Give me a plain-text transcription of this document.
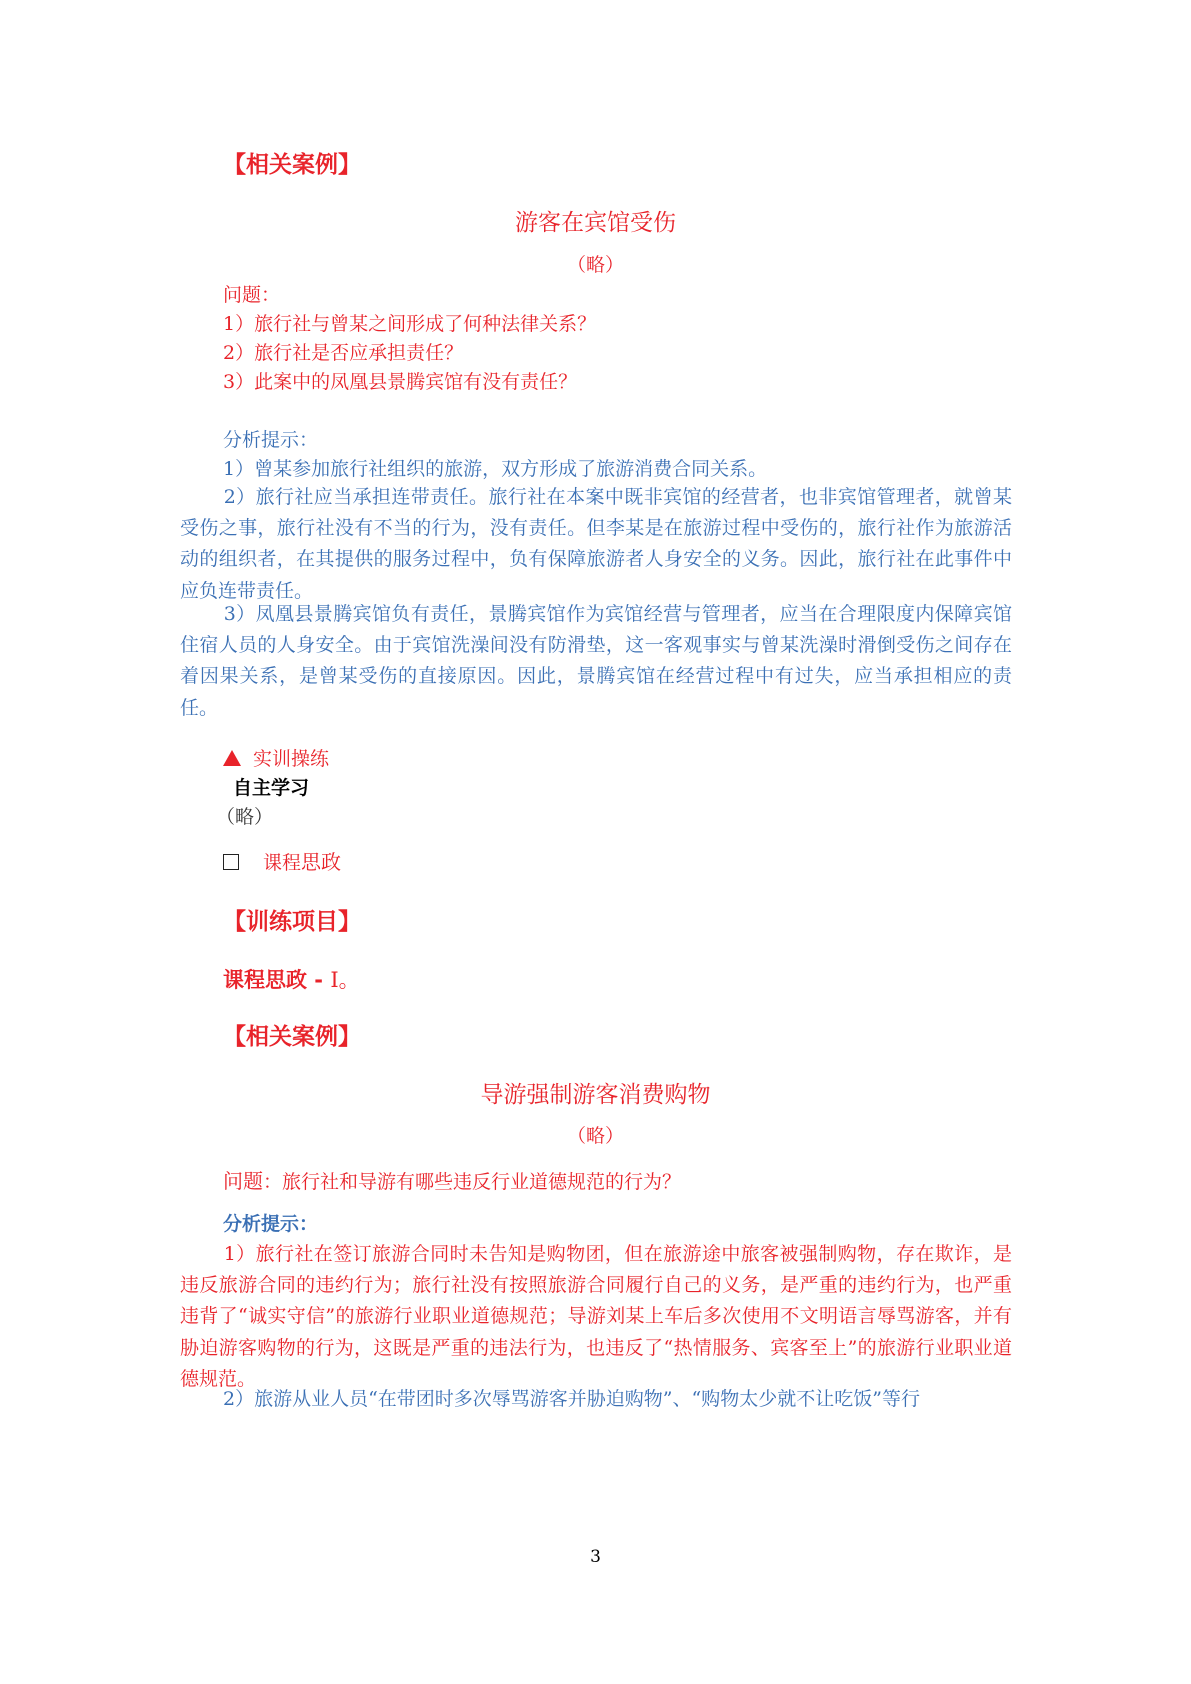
【相关案例】
游客在宾馆受伤
（略）
问题：
1）旅行社与曾某之间形成了何种法律关系？
2）旅行社是否应承担责任？
3）此案中的凤凰县景腾宾馆有没有责任？
分析提示：
1）曾某参加旅行社组织的旅游，双方形成了旅游消费合同关系。

2）旅行社应当承担连带责任。旅行社在本案中既非宾馆的经营者，也非宾馆管理者，就曾某受伤之事，旅行社没有不当的行为，没有责任。但李某是在旅游过程中受伤的，旅行社作为旅游活动的组织者，在其提供的服务过程中，负有保障旅游者人身安全的义务。因此，旅行社在此事件中应负连带责任。

3）凤凰县景腾宾馆负有责任，景腾宾馆作为宾馆经营与管理者，应当在合理限度内保障宾馆住宿人员的人身安全。由于宾馆洗澡间没有防滑垫，这一客观事实与曾某洗澡时滑倒受伤之间存在着因果关系，是曾某受伤的直接原因。因此，景腾宾馆在经营过程中有过失，应当承担相应的责任。

实训操练
自主学习
（略）
课程思政
【训练项目】
课程思政 - I。
【相关案例】
导游强制游客消费购物
（略）
问题：旅行社和导游有哪些违反行业道德规范的行为？
分析提示：

1）旅行社在签订旅游合同时未告知是购物团，但在旅游途中旅客被强制购物，存在欺诈，是违反旅游合同的违约行为；旅行社没有按照旅游合同履行自己的义务，是严重的违约行为，也严重违背了“诚实守信”的旅游行业职业道德规范；导游刘某上车后多次使用不文明语言辱骂游客，并有胁迫游客购物的行为，这既是严重的违法行为，也违反了“热情服务、宾客至上”的旅游行业职业道德规范。

2）旅游从业人员“在带团时多次辱骂游客并胁迫购物”、“购物太少就不让吃饭”等行
3
